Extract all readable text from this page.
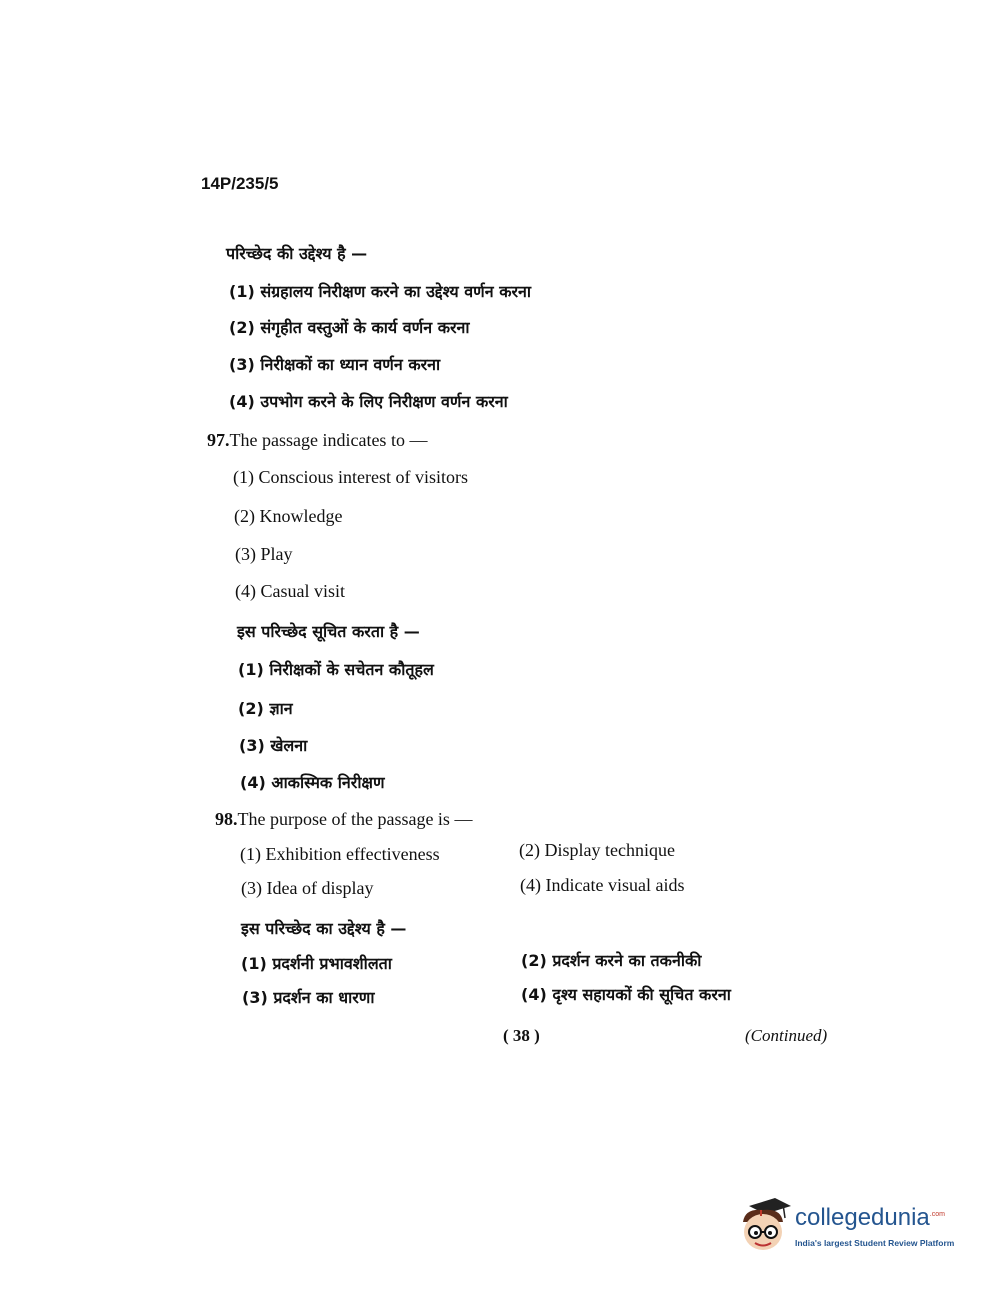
14P/235/5
परिच्छेद की उद्देश्य है —
(1) संग्रहालय निरीक्षण करने का उद्देश्य वर्णन करना
(2) संगृहीत वस्तुओं के कार्य वर्णन करना
(3) निरीक्षकों का ध्यान वर्णन करना
(4) उपभोग करने के लिए निरीक्षण वर्णन करना
97.The passage indicates to —
(1) Conscious interest of visitors
(2) Knowledge
(3) Play
(4) Casual visit
इस परिच्छेद सूचित करता है —
(1) निरीक्षकों के सचेतन कौतूहल
(2) ज्ञान
(3) खेलना
(4) आकस्मिक निरीक्षण
98.The purpose of the passage is —
(1) Exhibition effectiveness	(2) Display technique
(3) Idea of display	(4) Indicate visual aids
इस परिच्छेद का उद्देश्य है —
(1) प्रदर्शनी प्रभावशीलता	(2) प्रदर्शन करने का तकनीकी
(3) प्रदर्शन का धारणा	(4) दृश्य सहायकों की सूचित करना
( 38 )	(Continued)
collegedunia$^{.com}$
India's largest Student Review Platform
